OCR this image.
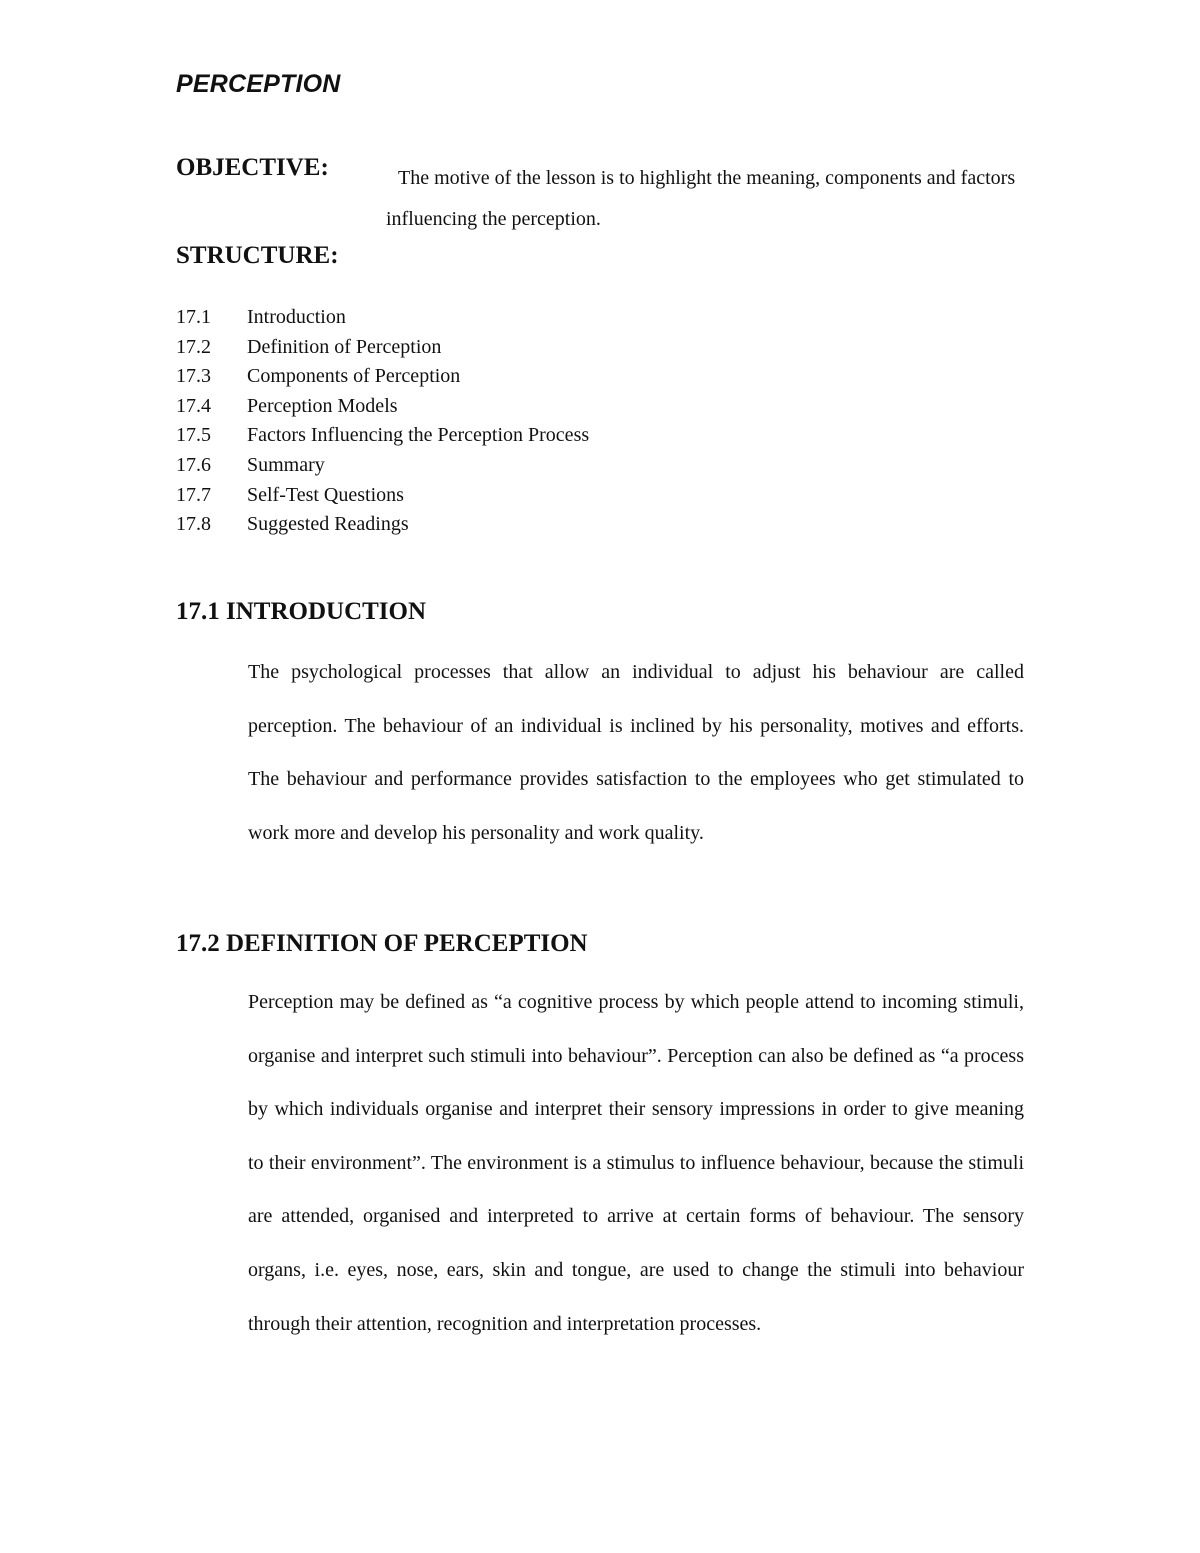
PERCEPTION
OBJECTIVE:	The motive of the lesson is to highlight the meaning, components and factors influencing the perception.
STRUCTURE:
17.1 Introduction
17.2 Definition of Perception
17.3 Components of Perception
17.4 Perception Models
17.5 Factors Influencing the Perception Process
17.6 Summary
17.7 Self-Test Questions
17.8 Suggested Readings
17.1 INTRODUCTION

The psychological processes that allow an individual to adjust his behaviour are called perception. The behaviour of an individual is inclined by his personality, motives and efforts. The behaviour and performance provides satisfaction to the employees who get stimulated to work more and develop his personality and work quality.

17.2 DEFINITION OF PERCEPTION

Perception may be defined as “a cognitive process by which people attend to incoming stimuli, organise and interpret such stimuli into behaviour”. Perception can also be defined as “a process by which individuals organise and interpret their sensory impressions in order to give meaning to their environment”. The environment is a stimulus to influence behaviour, because the stimuli are attended, organised and interpreted to arrive at certain forms of behaviour. The sensory organs, i.e. eyes, nose, ears, skin and tongue, are used to change the stimuli into behaviour through their attention, recognition and interpretation processes.
